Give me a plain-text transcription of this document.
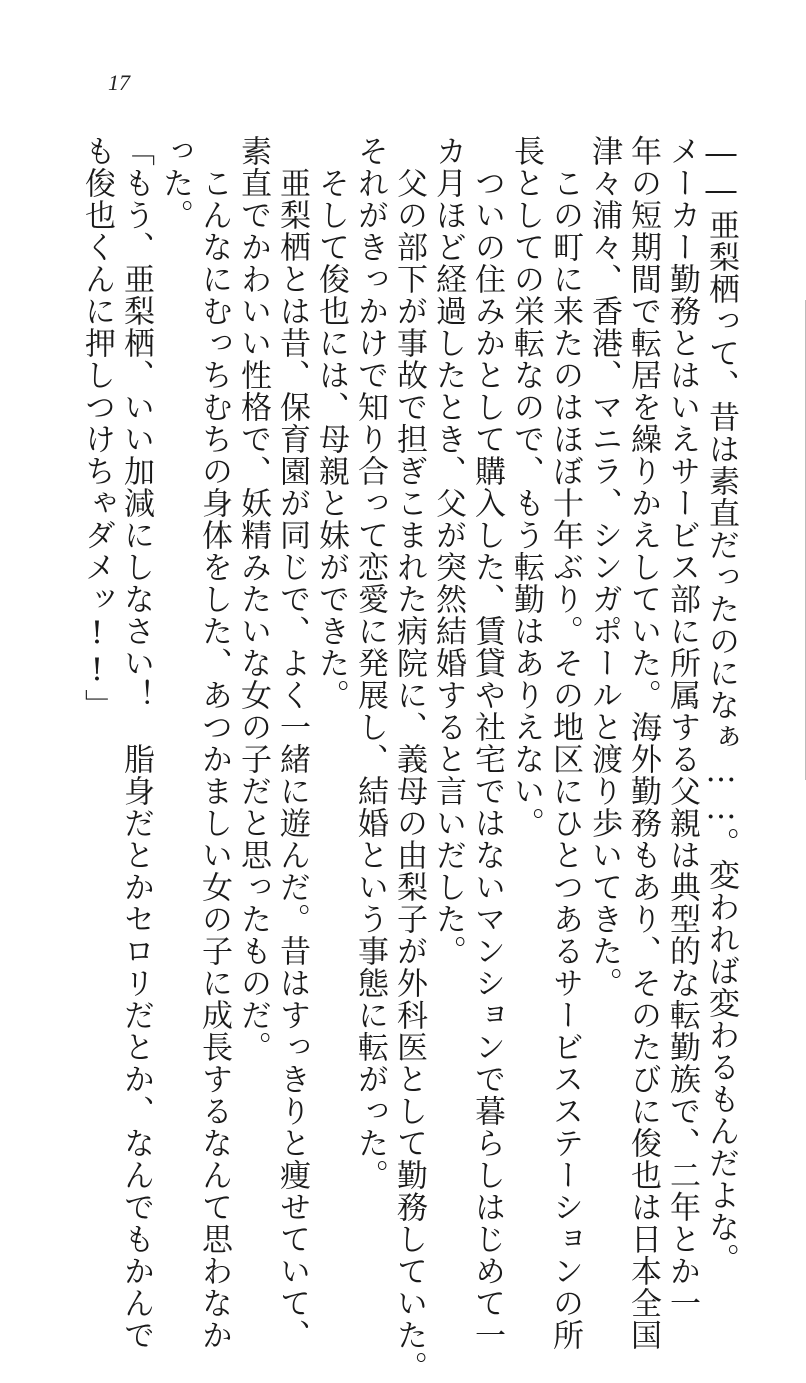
17
――亜梨栖って、昔は素直だったのになぁ……。変われば変わるもんだよな。
メーカー勤務とはいえサービス部に所属する父親は典型的な転勤族で、二年とか一
年の短期間で転居を繰りかえしていた。海外勤務もあり、そのたびに俊也は日本全国
津々浦々、香港、マニラ、シンガポールと渡り歩いてきた。
　この町に来たのはほぼ十年ぶり。その地区にひとつあるサービスステーションの所
長としての栄転なので、もう転勤はありえない。
　ついの住みかとして購入した、賃貸や社宅ではないマンションで暮らしはじめて一
カ月ほど経過したとき、父が突然結婚すると言いだした。
　父の部下が事故で担ぎこまれた病院に、義母の由梨子が外科医として勤務していた。
それがきっかけで知り合って恋愛に発展し、結婚という事態に転がった。
　そして俊也には、母親と妹ができた。
　亜梨栖とは昔、保育園が同じで、よく一緒に遊んだ。昔はすっきりと痩せていて、
素直でかわいい性格で、妖精みたいな女の子だと思ったものだ。
　こんなにむっちむちの身体をした、あつかましい女の子に成長するなんて思わなか
った。
「もう、亜梨栖、いい加減にしなさい！　脂身だとかセロリだとか、なんでもかんで
も俊也くんに押しつけちゃダメッ!!」
